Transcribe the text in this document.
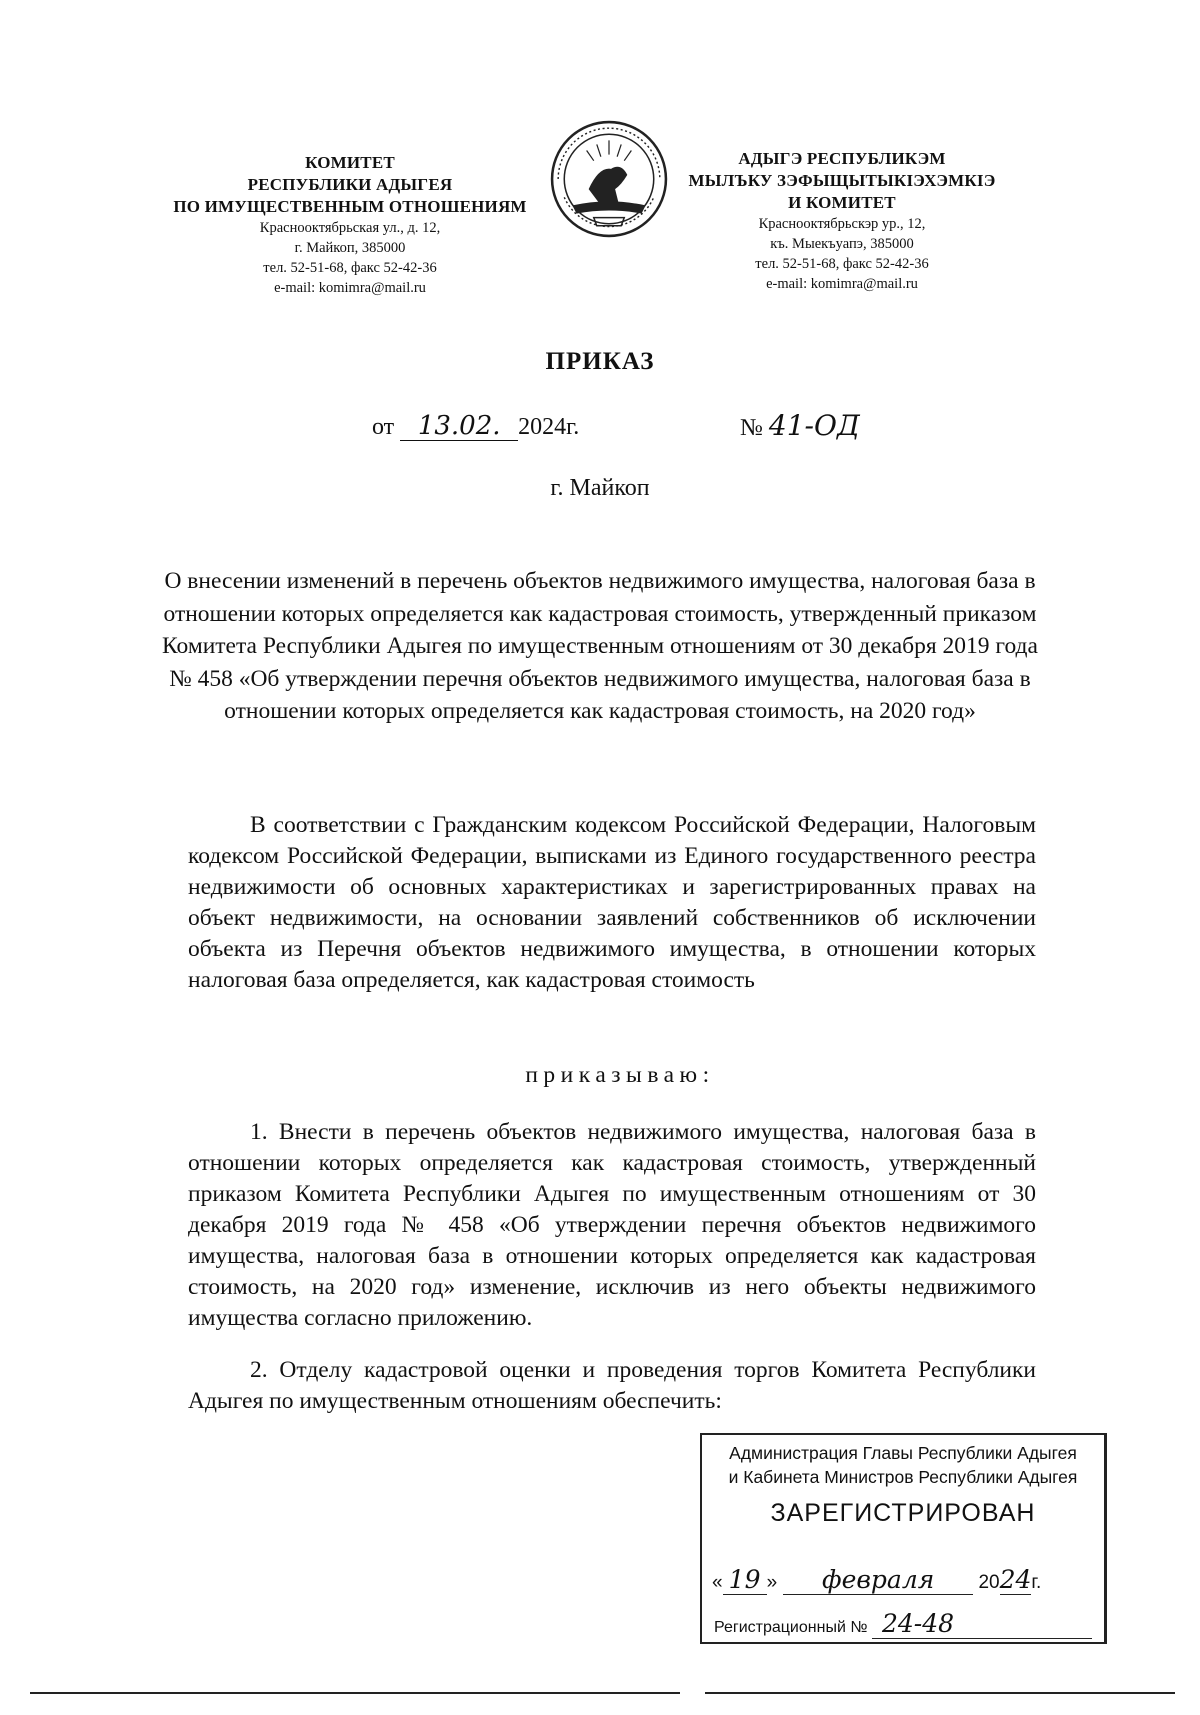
КОМИТЕТ
РЕСПУБЛИКИ АДЫГЕЯ
ПО ИМУЩЕСТВЕННЫМ ОТНОШЕНИЯМ
Краснооктябрьская ул., д. 12,
г. Майкоп, 385000
тел. 52-51-68, факс 52-42-36
e-mail: komimra@mail.ru
АДЫГЭ РЕСПУБЛИКЭМ
МЫЛЪКУ ЗЭФЫЩЫТЫКІЭХЭМКІЭ
И КОМИТЕТ
Краснооктябрьскэр ур., 12,
къ. Мыекъуапэ, 385000
тел. 52-51-68, факс 52-42-36
e-mail: komimra@mail.ru
ПРИКАЗ
от 13.02. 2024г.	№ 41-ОД
г. Майкоп
О внесении изменений в перечень объектов недвижимого имущества, налоговая база в отношении которых определяется как кадастровая стоимость, утвержденный приказом Комитета Республики Адыгея по имущественным отношениям от 30 декабря 2019 года № 458 «Об утверждении перечня объектов недвижимого имущества, налоговая база в отношении которых определяется как кадастровая стоимость, на 2020 год»
В соответствии с Гражданским кодексом Российской Федерации, Налоговым кодексом Российской Федерации, выписками из Единого государственного реестра недвижимости об основных характеристиках и зарегистрированных правах на объект недвижимости, на основании заявлений собственников об исключении объекта из Перечня объектов недвижимого имущества, в отношении которых налоговая база определяется, как кадастровая стоимость
приказываю:
1. Внести в перечень объектов недвижимого имущества, налоговая база в отношении которых определяется как кадастровая стоимость, утвержденный приказом Комитета Республики Адыгея по имущественным отношениям от 30 декабря 2019 года № 458 «Об утверждении перечня объектов недвижимого имущества, налоговая база в отношении которых определяется как кадастровая стоимость, на 2020 год» изменение, исключив из него объекты недвижимого имущества согласно приложению.
2. Отделу кадастровой оценки и проведения торгов Комитета Республики Адыгея по имущественным отношениям обеспечить:
Администрация Главы Республики Адыгея
и Кабинета Министров Республики Адыгея
ЗАРЕГИСТРИРОВАН
« 19 » февраля 2024г.
Регистрационный № 24-48
